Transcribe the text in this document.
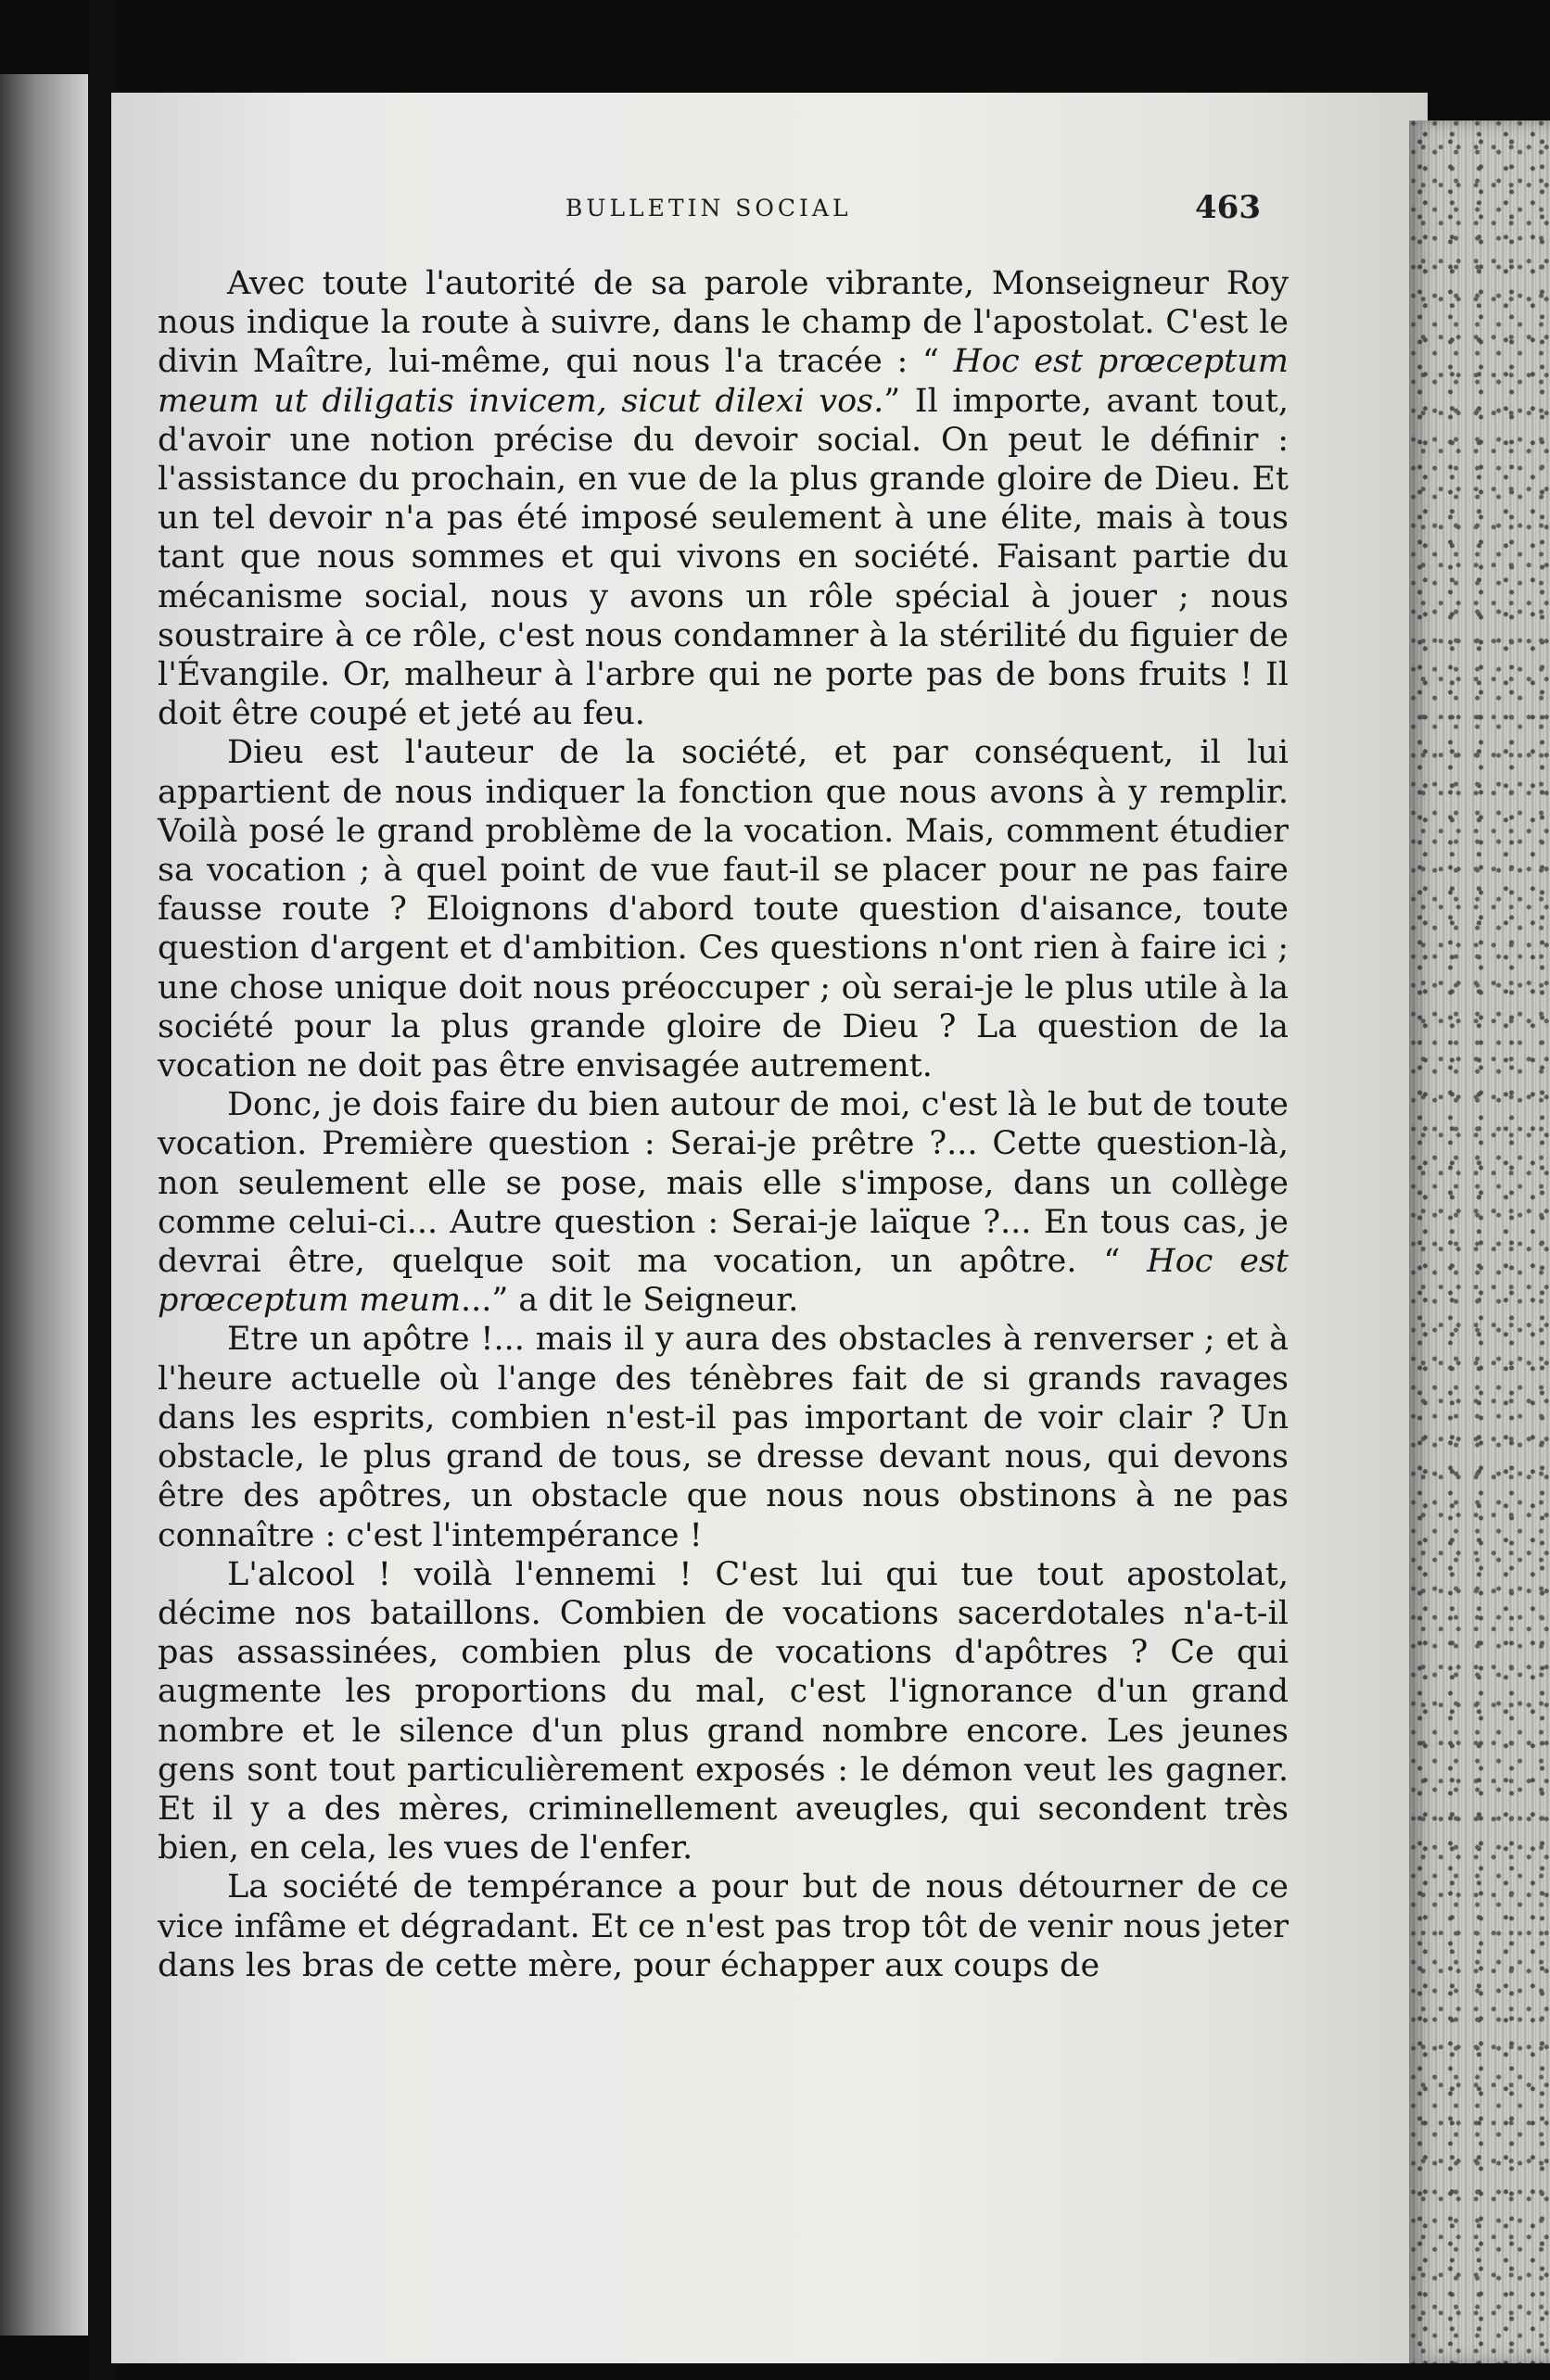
BULLETIN SOCIAL	463

Avec toute l'autorité de sa parole vibrante, Monseigneur Roy nous indique la route à suivre, dans le champ de l'apostolat. C'est le divin Maître, lui-même, qui nous l'a tracée : “ Hoc est prœceptum meum ut diligatis invicem, sicut dilexi vos.” Il importe, avant tout, d'avoir une notion précise du devoir social. On peut le définir : l'assistance du prochain, en vue de la plus grande gloire de Dieu. Et un tel devoir n'a pas été imposé seulement à une élite, mais à tous tant que nous sommes et qui vivons en société. Faisant partie du mécanisme social, nous y avons un rôle spécial à jouer ; nous soustraire à ce rôle, c'est nous condamner à la stérilité du figuier de l'Évangile. Or, malheur à l'arbre qui ne porte pas de bons fruits ! Il doit être coupé et jeté au feu.

Dieu est l'auteur de la société, et par conséquent, il lui appartient de nous indiquer la fonction que nous avons à y remplir. Voilà posé le grand problème de la vocation. Mais, comment étudier sa vocation ; à quel point de vue faut-il se placer pour ne pas faire fausse route ? Eloignons d'abord toute question d'aisance, toute question d'argent et d'ambition. Ces questions n'ont rien à faire ici ; une chose unique doit nous préoccuper ; où serai-je le plus utile à la société pour la plus grande gloire de Dieu ? La question de la vocation ne doit pas être envisagée autrement.

Donc, je dois faire du bien autour de moi, c'est là le but de toute vocation. Première question : Serai-je prêtre ?... Cette question-là, non seulement elle se pose, mais elle s'impose, dans un collège comme celui-ci... Autre question : Serai-je laïque ?... En tous cas, je devrai être, quelque soit ma vocation, un apôtre. “ Hoc est prœceptum meum...” a dit le Seigneur.

Etre un apôtre !... mais il y aura des obstacles à renverser ; et à l'heure actuelle où l'ange des ténèbres fait de si grands ravages dans les esprits, combien n'est-il pas important de voir clair ? Un obstacle, le plus grand de tous, se dresse devant nous, qui devons être des apôtres, un obstacle que nous nous obstinons à ne pas connaître : c'est l'intempérance !

L'alcool ! voilà l'ennemi ! C'est lui qui tue tout apostolat, décime nos bataillons. Combien de vocations sacerdotales n'a-t-il pas assassinées, combien plus de vocations d'apôtres ? Ce qui augmente les proportions du mal, c'est l'ignorance d'un grand nombre et le silence d'un plus grand nombre encore. Les jeunes gens sont tout particulièrement exposés : le démon veut les gagner. Et il y a des mères, criminellement aveugles, qui secondent très bien, en cela, les vues de l'enfer.

La société de tempérance a pour but de nous détourner de ce vice infâme et dégradant. Et ce n'est pas trop tôt de venir nous jeter dans les bras de cette mère, pour échapper aux coups de
